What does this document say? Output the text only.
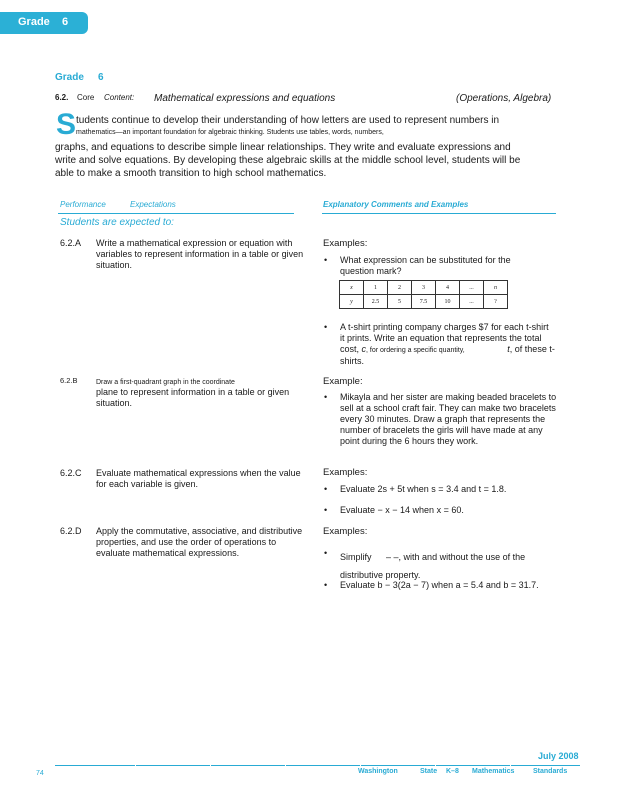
Grade 6
Grade 6
6.2. Core Content: Mathematical expressions and equations	(Operations, Algebra)
S tudents continue to develop their understanding of how letters are used to represent numbers in
mathematics—an important foundation for algebraic thinking. Students use tables, words, numbers,
graphs, and equations to describe simple linear relationships. They write and evaluate expressions and
write and solve equations. By developing these algebraic skills at the middle school level, students will be
able to make a smooth transition to high school mathematics.
Performance	Expectations	Explanatory Comments and Examples
Students are expected to:
6.2.A Write a mathematical expression or equation with variables to represent information in a table or given situation.
Examples:
• What expression can be substituted for the question mark?
x	1	2	3	4	...	n
y	2.5	5	7.5	10	...	?
• A t-shirt printing company charges $7 for each t-shirt it prints. Write an equation that represents the total cost, c, for ordering a specific quantity,	t, of these t-shirts.
6.2.B	Draw a first-quadrant graph in the coordinate
plane to represent information in a table or given situation.
Example:
• Mikayla and her sister are making beaded bracelets to sell at a school craft fair. They can make two bracelets every 30 minutes. Draw a graph that represents the number of bracelets the girls will have made at any point during the 6 hours they work.
6.2.C Evaluate mathematical expressions when the value for each variable is given.
Examples:
• Evaluate 2s + 5t when s = 3.4 and t = 1.8.
• Evaluate − x − 14 when x = 60.
6.2.D Apply the commutative, associative, and distributive properties, and use the order of operations to evaluate mathematical expressions.
Examples:
• Simplify – –, with and without the use of the distributive property.
• Evaluate b − 3(2a − 7) when a = 5.4 and b = 31.7.
July 2008
74	Washington	State K–8 Mathematics	Standards
